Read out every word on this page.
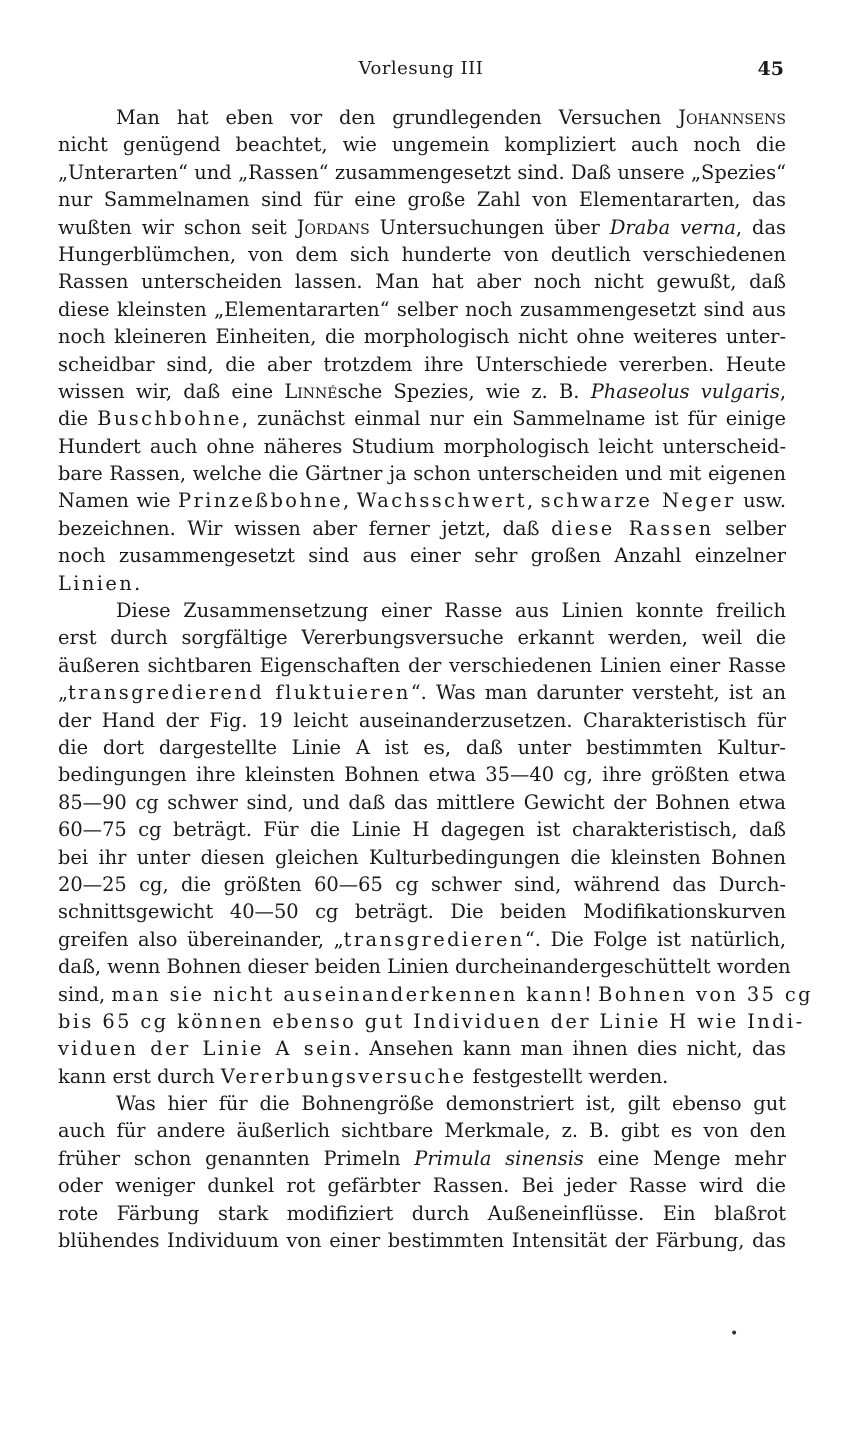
Vorlesung III	45
Man hat eben vor den grundlegenden Versuchen Johannsens
nicht genügend beachtet, wie ungemein kompliziert auch noch die
„Unterarten“ und „Rassen“ zusammengesetzt sind. Daß unsere „Spezies“
nur Sammelnamen sind für eine große Zahl von Elementararten, das
wußten wir schon seit Jordans Untersuchungen über Draba verna, das
Hungerblümchen, von dem sich hunderte von deutlich verschiedenen
Rassen unterscheiden lassen. Man hat aber noch nicht gewußt, daß
diese kleinsten „Elementararten“ selber noch zusammengesetzt sind aus
noch kleineren Einheiten, die morphologisch nicht ohne weiteres unter-
scheidbar sind, die aber trotzdem ihre Unterschiede vererben. Heute
wissen wir, daß eine Linnésche Spezies, wie z. B. Phaseolus vulgaris,
die Buschbohne, zunächst einmal nur ein Sammelname ist für einige
Hundert auch ohne näheres Studium morphologisch leicht unterscheid-
bare Rassen, welche die Gärtner ja schon unterscheiden und mit eigenen
Namen wie Prinzeßbohne, Wachsschwert, schwarze Neger usw.
bezeichnen. Wir wissen aber ferner jetzt, daß diese Rassen selber
noch zusammengesetzt sind aus einer sehr großen Anzahl einzelner
Linien.
Diese Zusammensetzung einer Rasse aus Linien konnte freilich
erst durch sorgfältige Vererbungsversuche erkannt werden, weil die
äußeren sichtbaren Eigenschaften der verschiedenen Linien einer Rasse
„transgredierend fluktuieren“. Was man darunter versteht, ist an
der Hand der Fig. 19 leicht auseinanderzusetzen. Charakteristisch für
die dort dargestellte Linie A ist es, daß unter bestimmten Kultur-
bedingungen ihre kleinsten Bohnen etwa 35—40 cg, ihre größten etwa
85—90 cg schwer sind, und daß das mittlere Gewicht der Bohnen etwa
60—75 cg beträgt. Für die Linie H dagegen ist charakteristisch, daß
bei ihr unter diesen gleichen Kulturbedingungen die kleinsten Bohnen
20—25 cg, die größten 60—65 cg schwer sind, während das Durch-
schnittsgewicht 40—50 cg beträgt. Die beiden Modifikationskurven
greifen also übereinander, „transgredieren“. Die Folge ist natürlich,
daß, wenn Bohnen dieser beiden Linien durcheinandergeschüttelt worden
sind, man sie nicht auseinanderkennen kann! Bohnen von 35 cg
bis 65 cg können ebenso gut Individuen der Linie H wie Indi-
viduen der Linie A sein. Ansehen kann man ihnen dies nicht, das
kann erst durch Vererbungsversuche festgestellt werden.
Was hier für die Bohnengröße demonstriert ist, gilt ebenso gut
auch für andere äußerlich sichtbare Merkmale, z. B. gibt es von den
früher schon genannten Primeln Primula sinensis eine Menge mehr
oder weniger dunkel rot gefärbter Rassen. Bei jeder Rasse wird die
rote Färbung stark modifiziert durch Außeneinflüsse. Ein blaßrot
blühendes Individuum von einer bestimmten Intensität der Färbung, das
•
